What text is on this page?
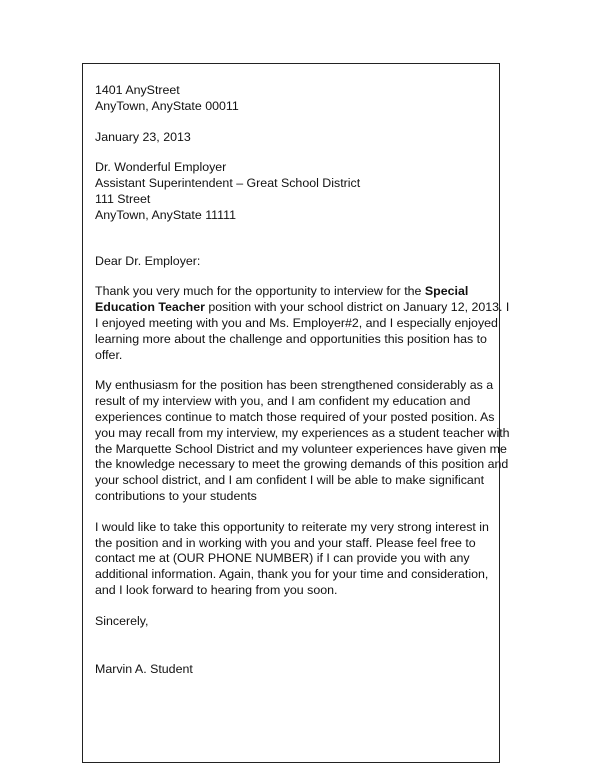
1401 AnyStreet
AnyTown, AnyState 00011
January 23, 2013
Dr. Wonderful Employer
Assistant Superintendent – Great School District
111 Street
AnyTown, AnyState 11111
Dear Dr. Employer:
Thank you very much for the opportunity to interview for the Special
Education Teacher position with your school district on January 12, 2013. I
I enjoyed meeting with you and Ms. Employer#2, and I especially enjoyed
learning more about the challenge and opportunities this position has to
offer.
My enthusiasm for the position has been strengthened considerably as a
result of my interview with you, and I am confident my education and
experiences continue to match those required of your posted position. As
you may recall from my interview, my experiences as a student teacher with
the Marquette School District and my volunteer experiences have given me
the knowledge necessary to meet the growing demands of this position and
your school district, and I am confident I will be able to make significant
contributions to your students
I would like to take this opportunity to reiterate my very strong interest in
the position and in working with you and your staff. Please feel free to
contact me at (OUR PHONE NUMBER) if I can provide you with any
additional information. Again, thank you for your time and consideration,
and I look forward to hearing from you soon.
Sincerely,
Marvin A. Student
